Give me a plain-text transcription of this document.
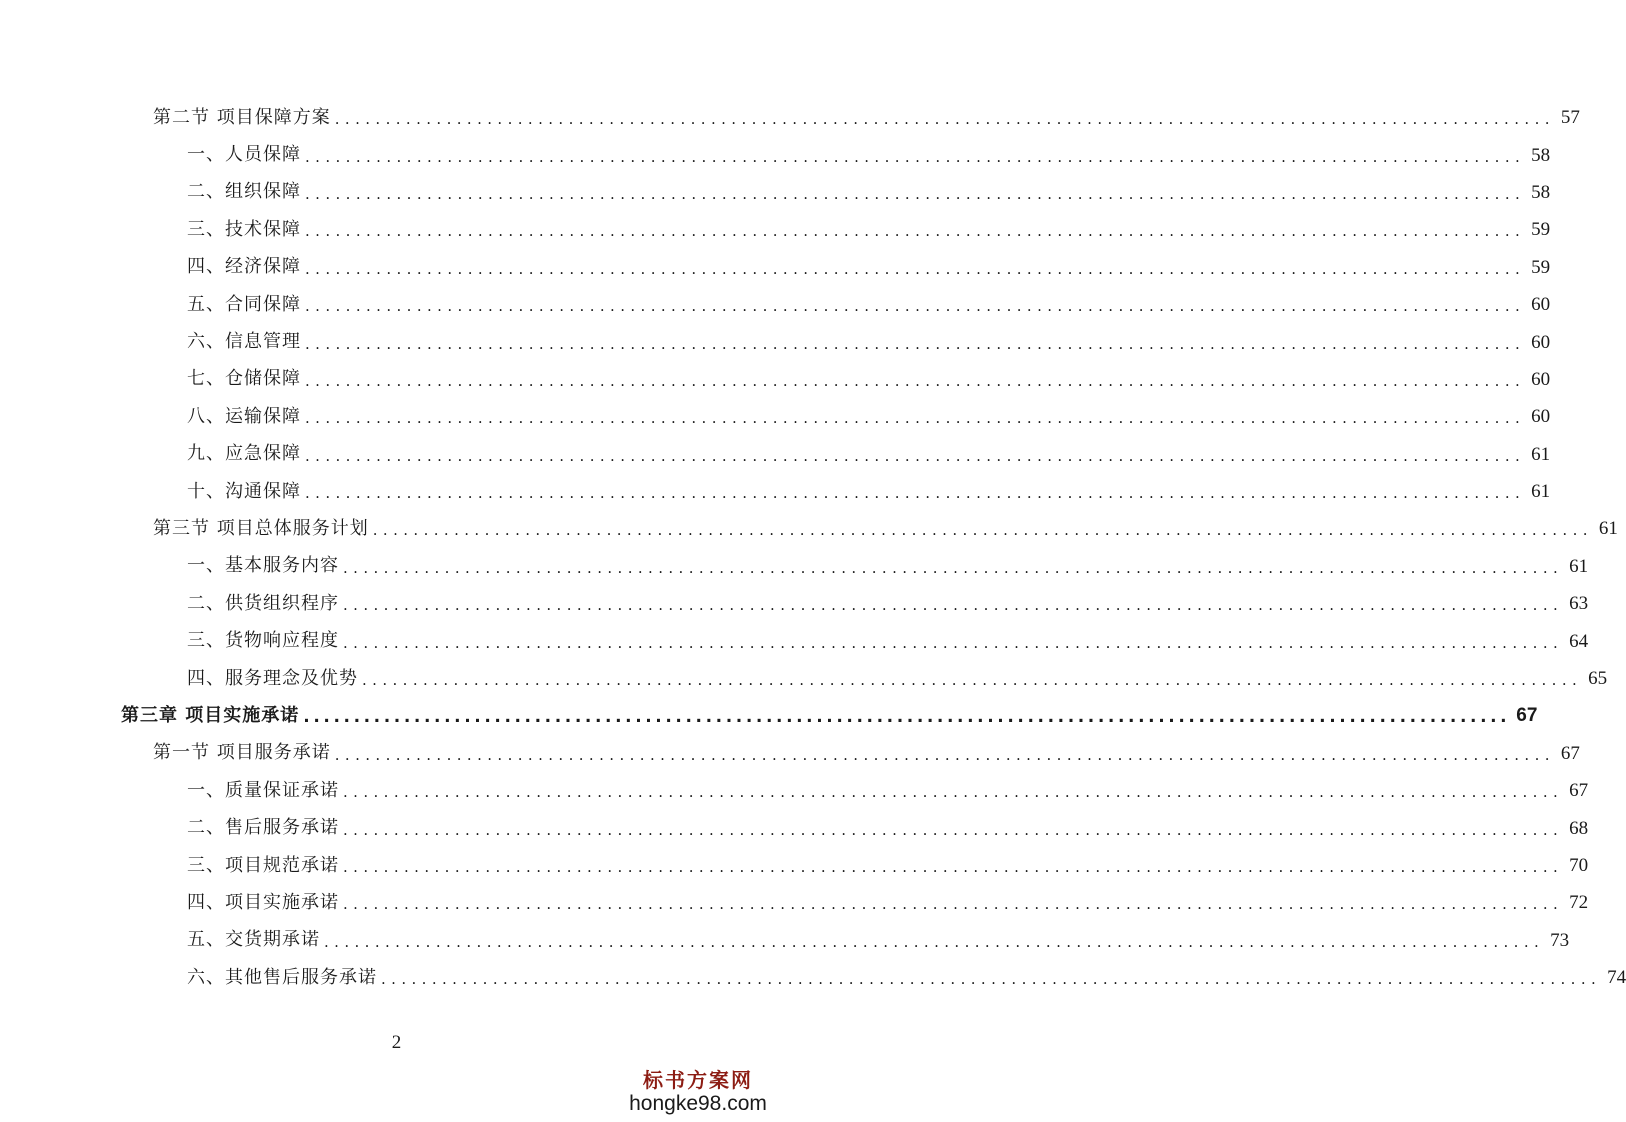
第二节 项目保障方案 ........................................................................................................................ 57
一、人员保障 ........................................................................................................................ 58
二、组织保障 ........................................................................................................................ 58
三、技术保障 ........................................................................................................................ 59
四、经济保障 ........................................................................................................................ 59
五、合同保障 ........................................................................................................................ 60
六、信息管理 ........................................................................................................................ 60
七、仓储保障 ........................................................................................................................ 60
八、运输保障 ........................................................................................................................ 60
九、应急保障 ........................................................................................................................ 61
十、沟通保障 ........................................................................................................................ 61
第三节 项目总体服务计划 ........................................................................................................................ 61
一、基本服务内容 ........................................................................................................................ 61
二、供货组织程序 ........................................................................................................................ 63
三、货物响应程度 ........................................................................................................................ 64
四、服务理念及优势 ........................................................................................................................ 65
第三章 项目实施承诺 ........................................................................................................................ 67
第一节 项目服务承诺 ........................................................................................................................ 67
一、质量保证承诺 ........................................................................................................................ 67
二、售后服务承诺 ........................................................................................................................ 68
三、项目规范承诺 ........................................................................................................................ 70
四、项目实施承诺 ........................................................................................................................ 72
五、交货期承诺 ........................................................................................................................ 73
六、其他售后服务承诺 ........................................................................................................................ 74
2
标书方案网
hongke98.com
